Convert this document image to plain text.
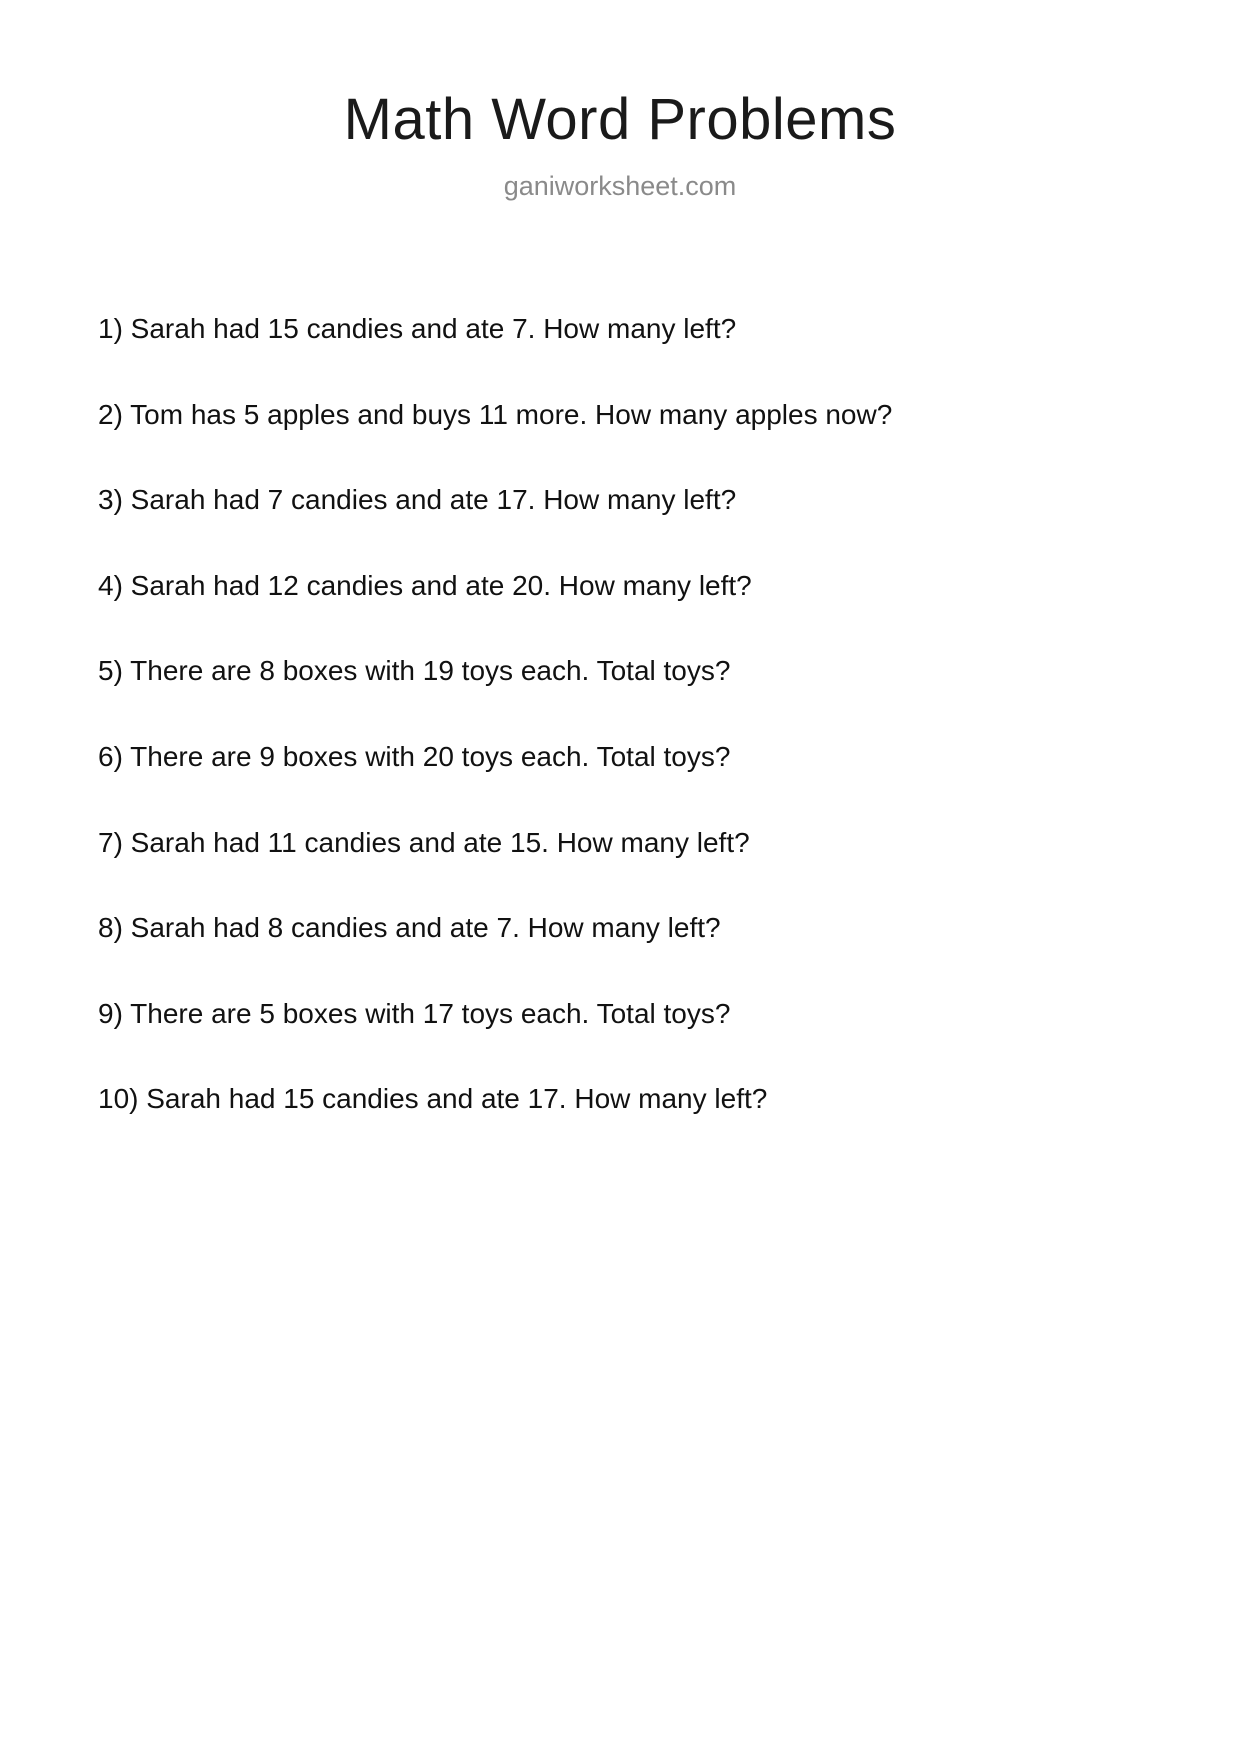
Math Word Problems
ganiworksheet.com
1) Sarah had 15 candies and ate 7. How many left?
2) Tom has 5 apples and buys 11 more. How many apples now?
3) Sarah had 7 candies and ate 17. How many left?
4) Sarah had 12 candies and ate 20. How many left?
5) There are 8 boxes with 19 toys each. Total toys?
6) There are 9 boxes with 20 toys each. Total toys?
7) Sarah had 11 candies and ate 15. How many left?
8) Sarah had 8 candies and ate 7. How many left?
9) There are 5 boxes with 17 toys each. Total toys?
10) Sarah had 15 candies and ate 17. How many left?
